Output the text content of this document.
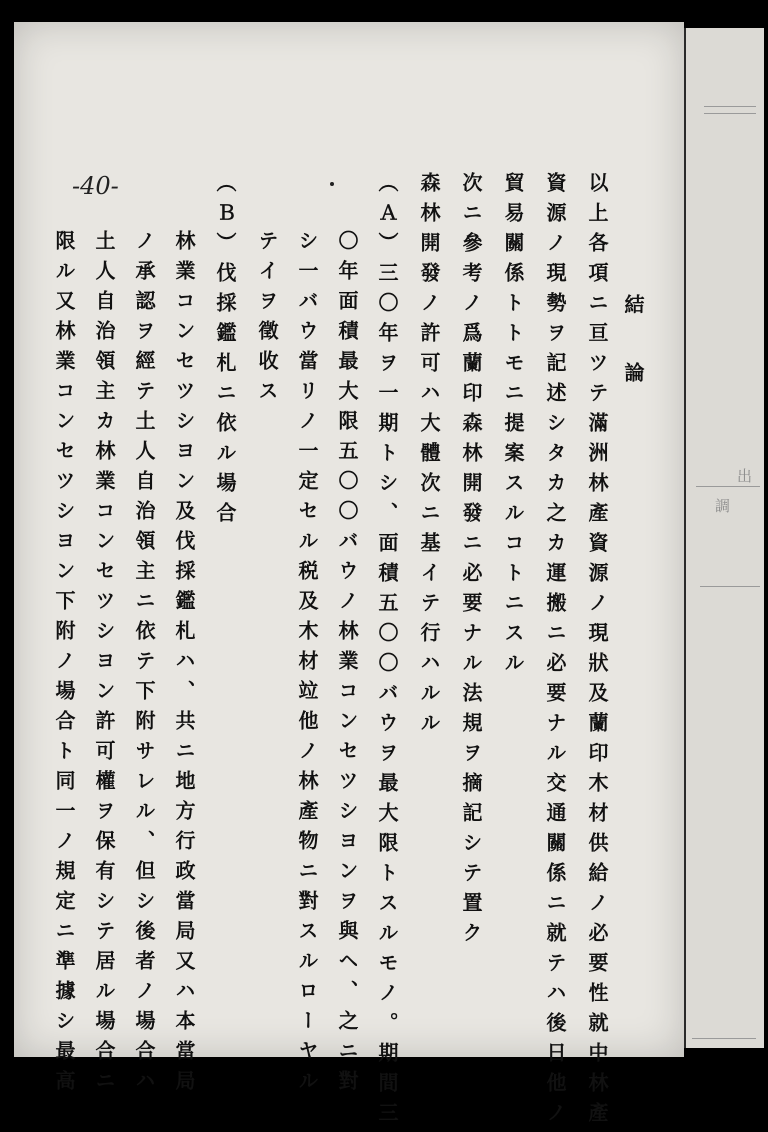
-40-
結論
以上各項ニ亘ツテ滿洲林產資源ノ現狀及蘭印木材供給ノ必要性就中林產
資源ノ現勢ヲ記述シタカ之カ運搬ニ必要ナル交通關係ニ就テハ後日他ノ
貿易關係トトモニ提案スルコトニスル
次ニ參考ノ爲蘭印森林開發ニ必要ナル法規ヲ摘記シテ置ク
森林開發ノ許可ハ大體次ニ基イテ行ハルル
（Ａ）三〇年ヲ一期トシ、面積五〇〇バウヲ最大限トスルモノ。期間三
〇年面積最大限五〇〇バウノ林業コンセツシヨンヲ與ヘ、之ニ對
シ一バウ當リノ一定セル税及木材竝他ノ林產物ニ對スルローヤル
テイヲ徵收ス
（Ｂ）伐採鑑札ニ依ル場合
林業コンセツシヨン及伐採鑑札ハ、共ニ地方行政當局又ハ本當局
ノ承認ヲ經テ土人自治領主ニ依テ下附サレル、但シ後者ノ場合ハ
土人自治領主カ林業コンセツシヨン許可權ヲ保有シテ居ル場合ニ
限ル又林業コンセツシヨン下附ノ場合ト同一ノ規定ニ準據シ最高	出
調
